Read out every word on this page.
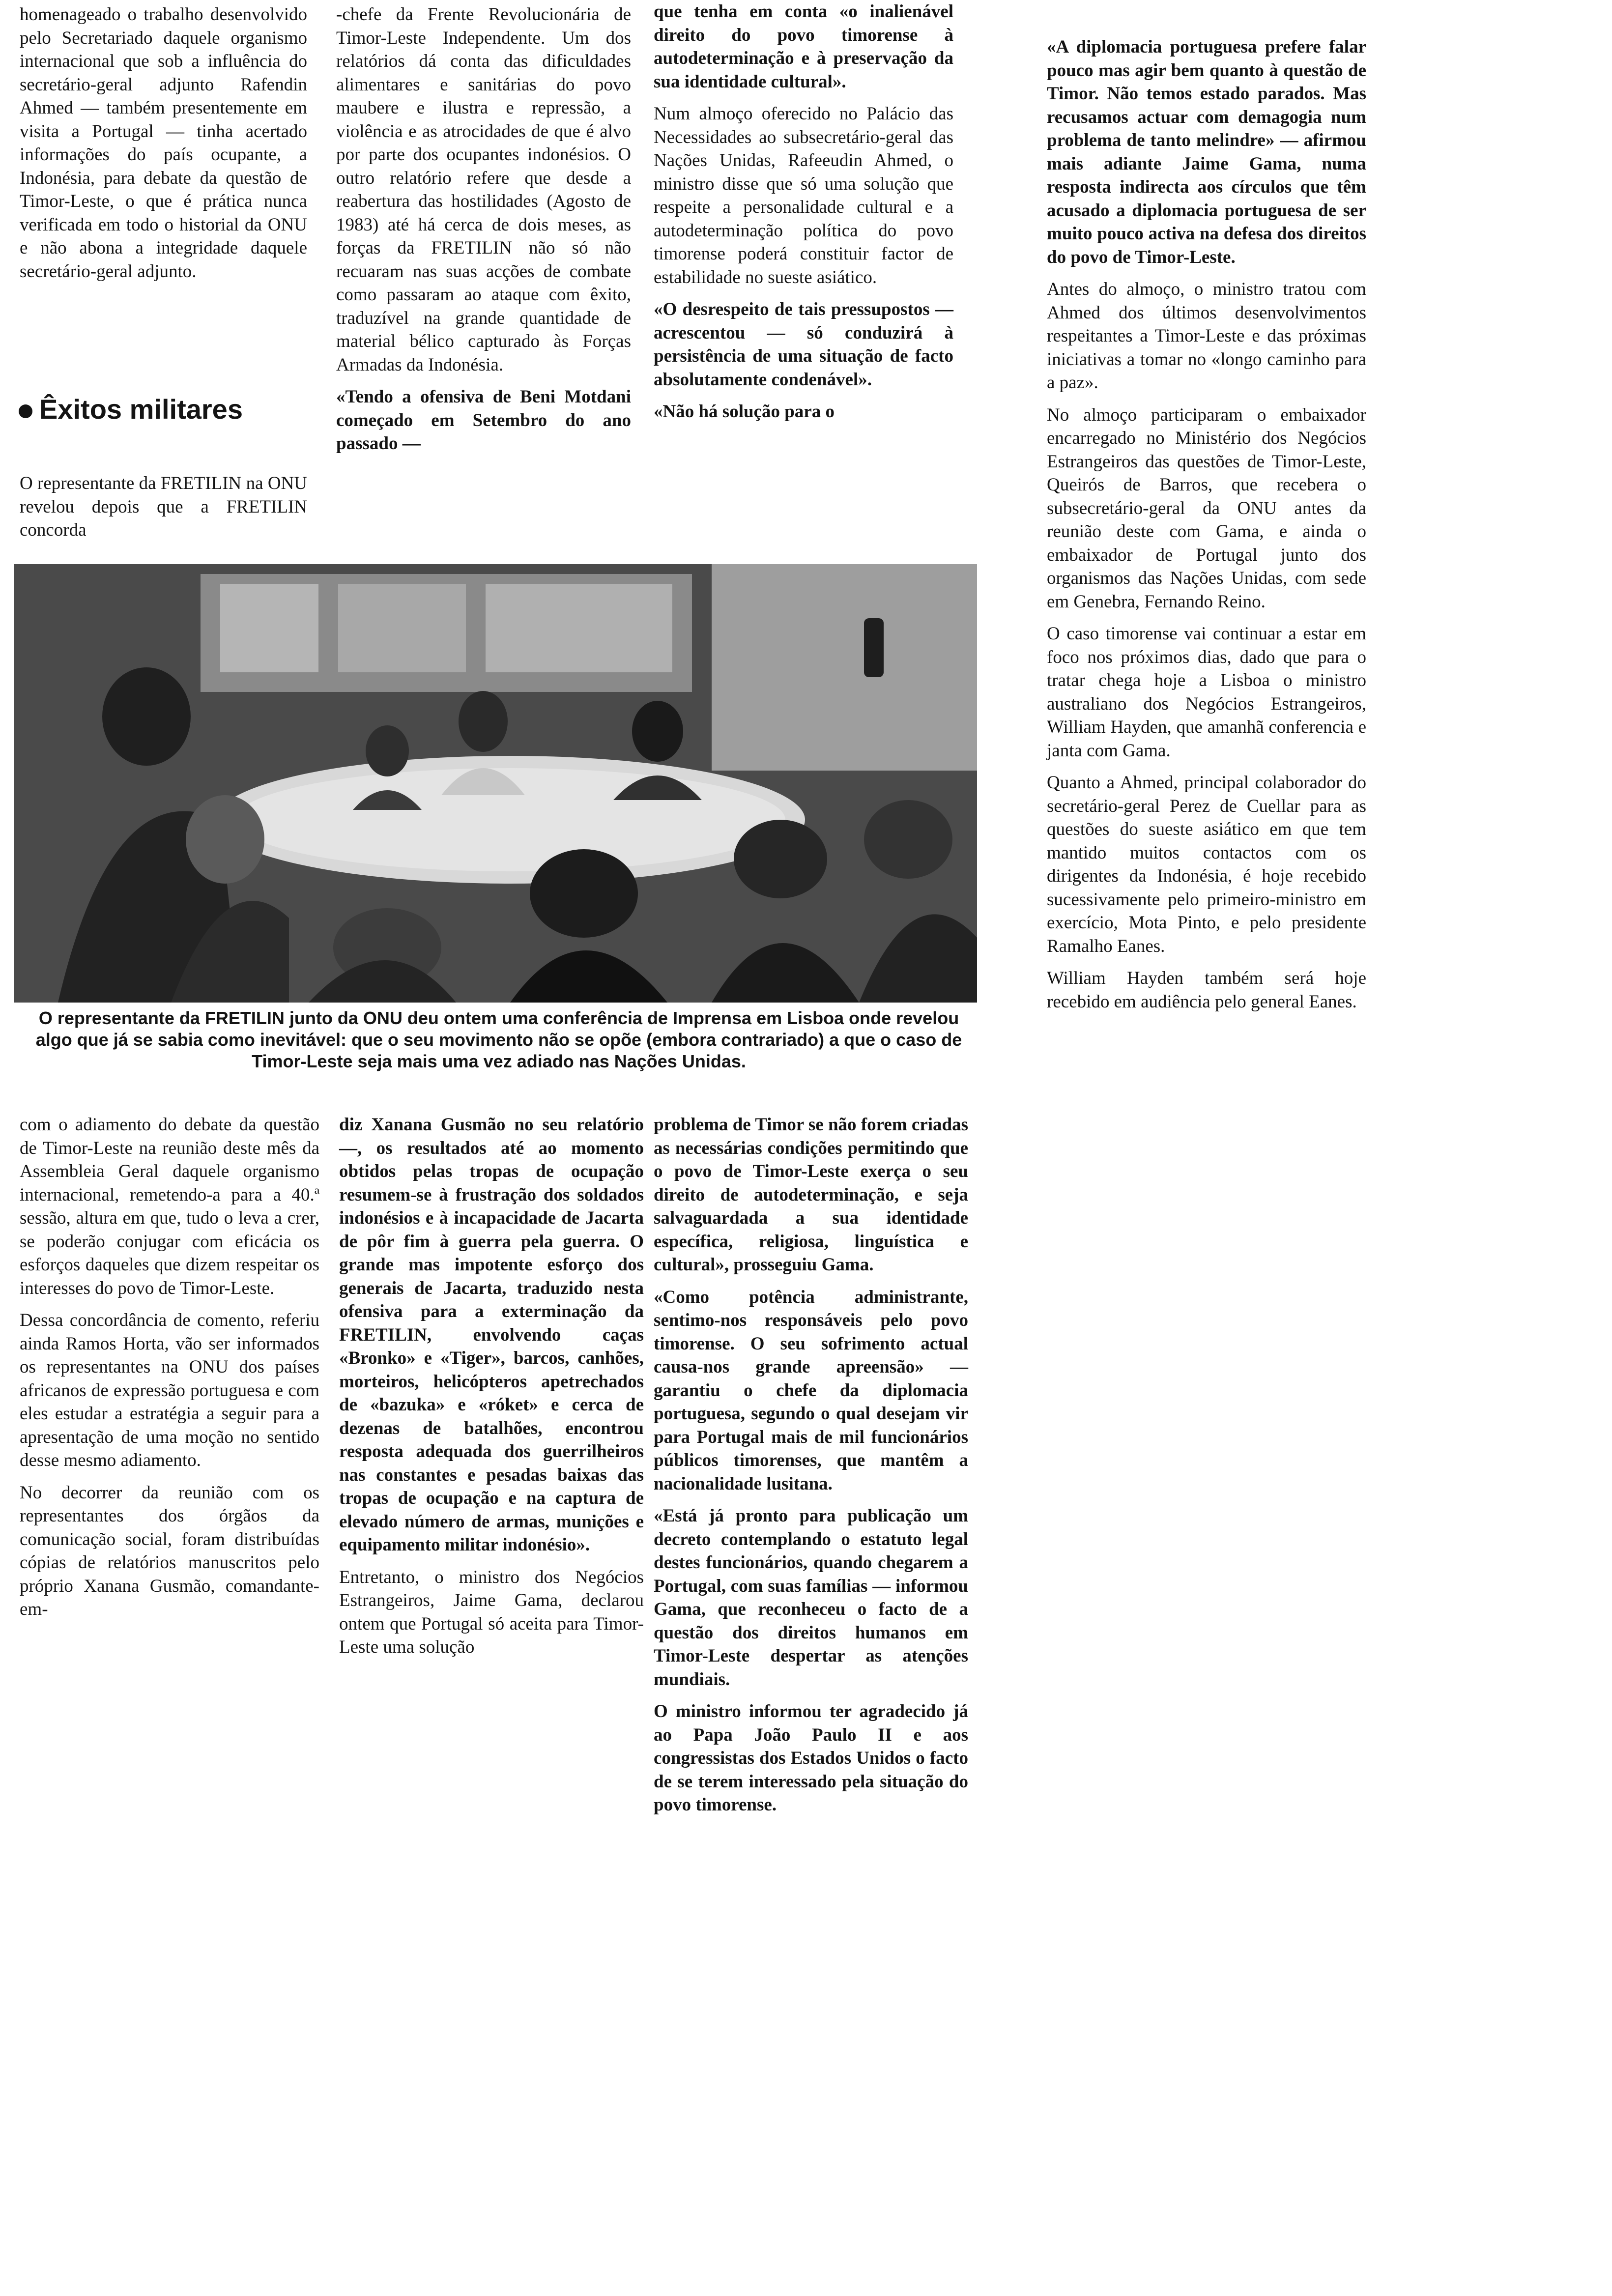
homenageado o trabalho desenvolvido pelo Secretariado daquele organismo internacional que sob a influência do secretário-geral adjunto Rafendin Ahmed — também presentemente em visita a Portugal — tinha acertado informações do país ocupante, a Indonésia, para debate da questão de Timor-Leste, o que é prática nunca verificada em todo o historial da ONU e não abona a integridade daquele secretário-geral adjunto.

Êxitos militares

O representante da FRETILIN na ONU revelou depois que a FRETILIN concorda

-chefe da Frente Revolucionária de Timor-Leste Independente. Um dos relatórios dá conta das dificuldades alimentares e sanitárias do povo maubere e ilustra e repressão, a violência e as atrocidades de que é alvo por parte dos ocupantes indonésios. O outro relatório refere que desde a reabertura das hostilidades (Agosto de 1983) até há cerca de dois meses, as forças da FRETILIN não só não recuaram nas suas acções de combate como passaram ao ataque com êxito, traduzível na grande quantidade de material bélico capturado às Forças Armadas da Indonésia.

«Tendo a ofensiva de Beni Motdani começado em Setembro do ano passado —

que tenha em conta «o inalienável direito do povo timorense à autodeterminação e à preservação da sua identidade cultural».

Num almoço oferecido no Palácio das Necessidades ao subsecretário-geral das Nações Unidas, Rafeeudin Ahmed, o ministro disse que só uma solução que respeite a personalidade cultural e a autodeterminação política do povo timorense poderá constituir factor de estabilidade no sueste asiático.

«O desrespeito de tais pressupostos — acrescentou — só conduzirá à persistência de uma situação de facto absolutamente condenável».

«Não há solução para o

«A diplomacia portuguesa prefere falar pouco mas agir bem quanto à questão de Timor. Não temos estado parados. Mas recusamos actuar com demagogia num problema de tanto melindre» — afirmou mais adiante Jaime Gama, numa resposta indirecta aos círculos que têm acusado a diplomacia portuguesa de ser muito pouco activa na defesa dos direitos do povo de Timor-Leste.

Antes do almoço, o ministro tratou com Ahmed dos últimos desenvolvimentos respeitantes a Timor-Leste e das próximas iniciativas a tomar no «longo caminho para a paz».

No almoço participaram o embaixador encarregado no Ministério dos Negócios Estrangeiros das questões de Timor-Leste, Queirós de Barros, que recebera o subsecretário-geral da ONU antes da reunião deste com Gama, e ainda o embaixador de Portugal junto dos organismos das Nações Unidas, com sede em Genebra, Fernando Reino.

O caso timorense vai continuar a estar em foco nos próximos dias, dado que para o tratar chega hoje a Lisboa o ministro australiano dos Negócios Estrangeiros, William Hayden, que amanhã conferencia e janta com Gama.

Quanto a Ahmed, principal colaborador do secretário-geral Perez de Cuellar para as questões do sueste asiático em que tem mantido muitos contactos com os dirigentes da Indonésia, é hoje recebido sucessivamente pelo primeiro-ministro em exercício, Mota Pinto, e pelo presidente Ramalho Eanes.

William Hayden também será hoje recebido em audiência pelo general Eanes.

O representante da FRETILIN junto da ONU deu ontem uma conferência de Imprensa em Lisboa onde revelou algo que já se sabia como inevitável: que o seu movimento não se opõe (embora contrariado) a que o caso de Timor-Leste seja mais uma vez adiado nas Nações Unidas.

com o adiamento do debate da questão de Timor-Leste na reunião deste mês da Assembleia Geral daquele organismo internacional, remetendo-a para a 40.ª sessão, altura em que, tudo o leva a crer, se poderão conjugar com eficácia os esforços daqueles que dizem respeitar os interesses do povo de Timor-Leste.

Dessa concordância de comento, referiu ainda Ramos Horta, vão ser informados os representantes na ONU dos países africanos de expressão portuguesa e com eles estudar a estratégia a seguir para a apresentação de uma moção no sentido desse mesmo adiamento.

No decorrer da reunião com os representantes dos órgãos da comunicação social, foram distribuídas cópias de relatórios manuscritos pelo próprio Xanana Gusmão, comandante-em-

diz Xanana Gusmão no seu relatório —, os resultados até ao momento obtidos pelas tropas de ocupação resumem-se à frustração dos soldados indonésios e à incapacidade de Jacarta de pôr fim à guerra pela guerra. O grande mas impotente esforço dos generais de Jacarta, traduzido nesta ofensiva para a exterminação da FRETILIN, envolvendo caças «Bronko» e «Tiger», barcos, canhões, morteiros, helicópteros apetrechados de «bazuka» e «róket» e cerca de dezenas de batalhões, encontrou resposta adequada dos guerrilheiros nas constantes e pesadas baixas das tropas de ocupação e na captura de elevado número de armas, munições e equipamento militar indonésio».

Entretanto, o ministro dos Negócios Estrangeiros, Jaime Gama, declarou ontem que Portugal só aceita para Timor-Leste uma solução

problema de Timor se não forem criadas as necessárias condições permitindo que o povo de Timor-Leste exerça o seu direito de autodeterminação, e seja salvaguardada a sua identidade específica, religiosa, linguística e cultural», prosseguiu Gama.

«Como potência administrante, sentimo-nos responsáveis pelo povo timorense. O seu sofrimento actual causa-nos grande apreensão» — garantiu o chefe da diplomacia portuguesa, segundo o qual desejam vir para Portugal mais de mil funcionários públicos timorenses, que mantêm a nacionalidade lusitana.

«Está já pronto para publicação um decreto contemplando o estatuto legal destes funcionários, quando chegarem a Portugal, com suas famílias — informou Gama, que reconheceu o facto de a questão dos direitos humanos em Timor-Leste despertar as atenções mundiais.

O ministro informou ter agradecido já ao Papa João Paulo II e aos congressistas dos Estados Unidos o facto de se terem interessado pela situação do povo timorense.
